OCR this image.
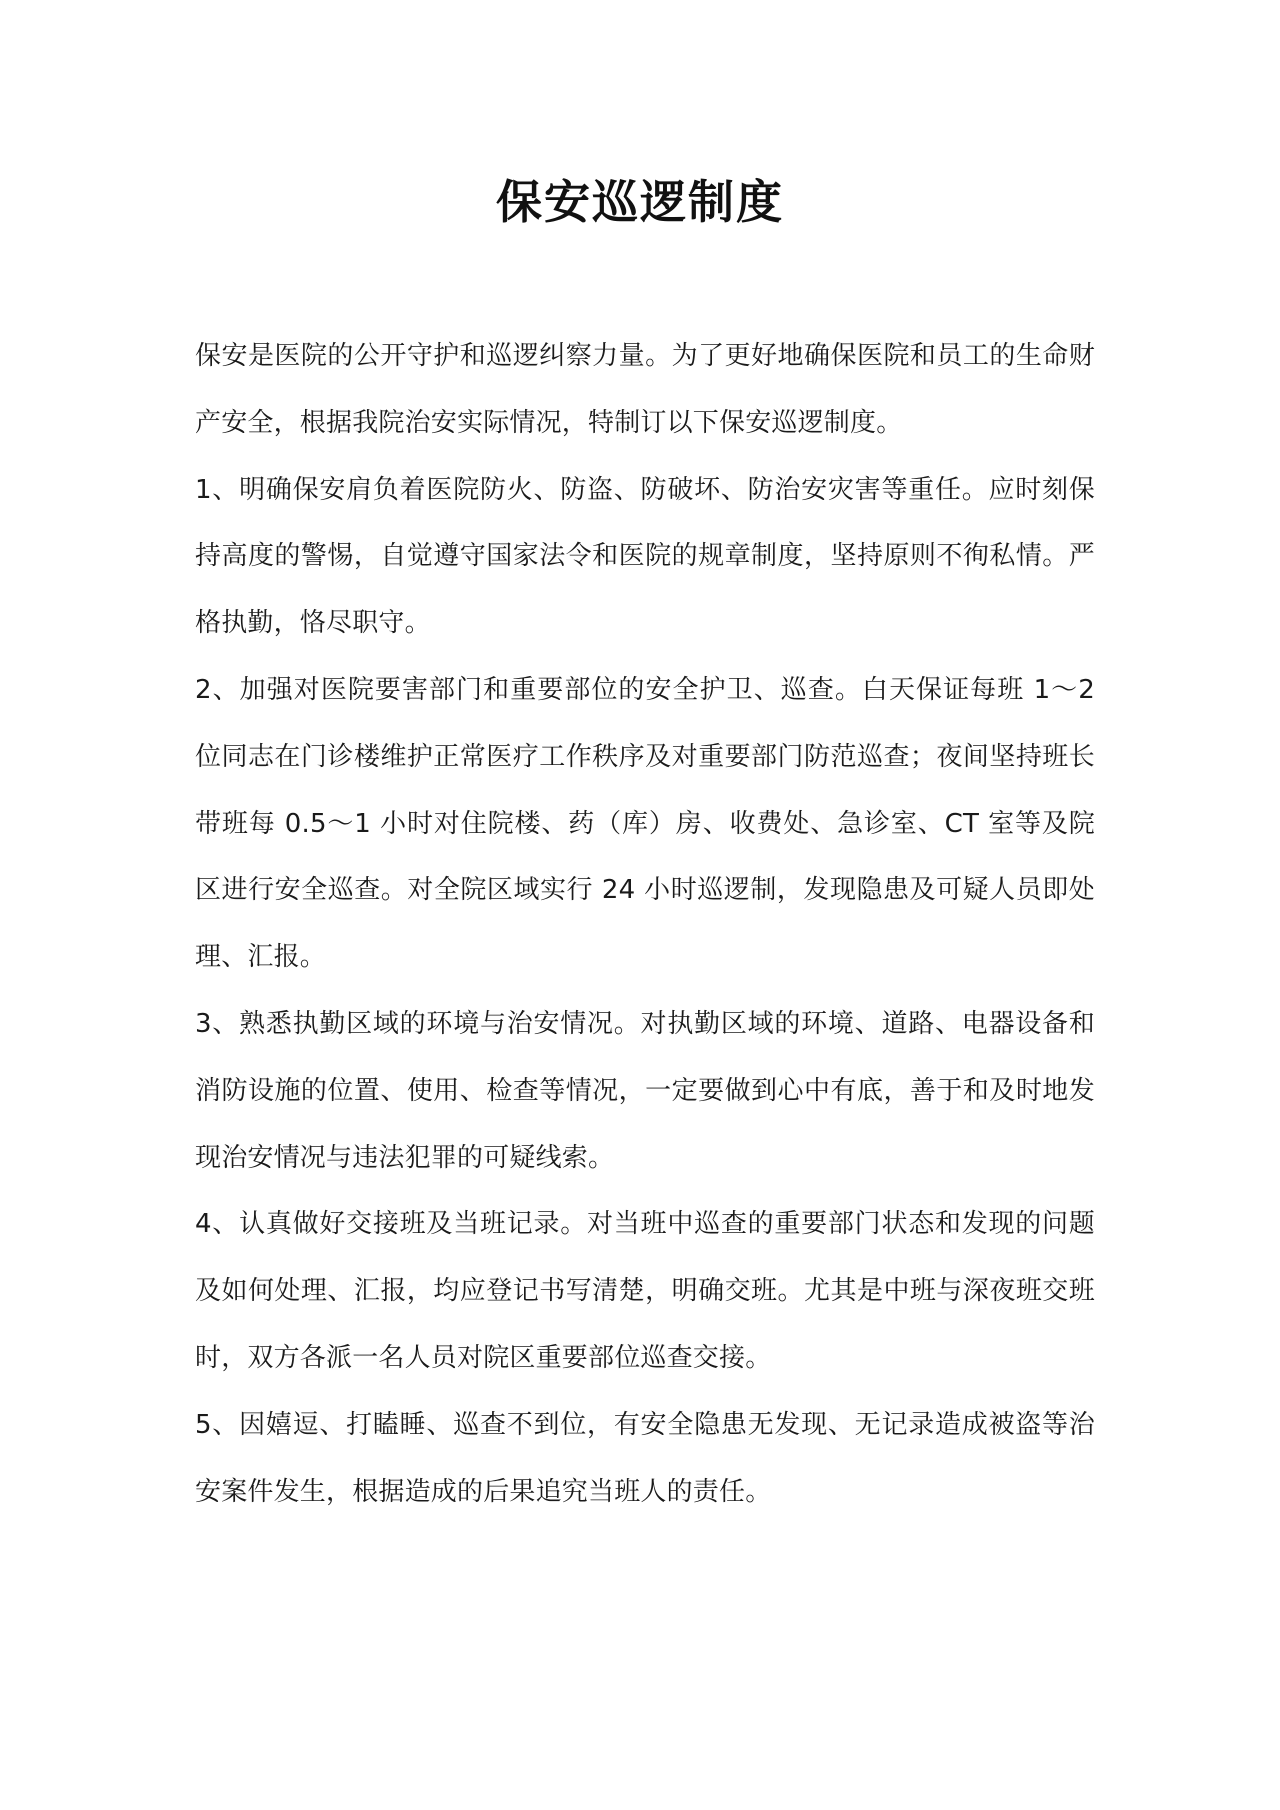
保安巡逻制度

保安是医院的公开守护和巡逻纠察力量。为了更好地确保医院和员工的生命财产安全，根据我院治安实际情况，特制订以下保安巡逻制度。

1、明确保安肩负着医院防火、防盗、防破坏、防治安灾害等重任。应时刻保持高度的警惕，自觉遵守国家法令和医院的规章制度，坚持原则不徇私情。严格执勤，恪尽职守。

2、加强对医院要害部门和重要部位的安全护卫、巡查。白天保证每班 1～2 位同志在门诊楼维护正常医疗工作秩序及对重要部门防范巡查；夜间坚持班长带班每 0.5～1 小时对住院楼、药（库）房、收费处、急诊室、CT 室等及院区进行安全巡查。对全院区域实行 24 小时巡逻制，发现隐患及可疑人员即处理、汇报。

3、熟悉执勤区域的环境与治安情况。对执勤区域的环境、道路、电器设备和消防设施的位置、使用、检查等情况，一定要做到心中有底，善于和及时地发现治安情况与违法犯罪的可疑线索。

4、认真做好交接班及当班记录。对当班中巡查的重要部门状态和发现的问题及如何处理、汇报，均应登记书写清楚，明确交班。尤其是中班与深夜班交班时，双方各派一名人员对院区重要部位巡查交接。

5、因嬉逗、打瞌睡、巡查不到位，有安全隐患无发现、无记录造成被盗等治安案件发生，根据造成的后果追究当班人的责任。
